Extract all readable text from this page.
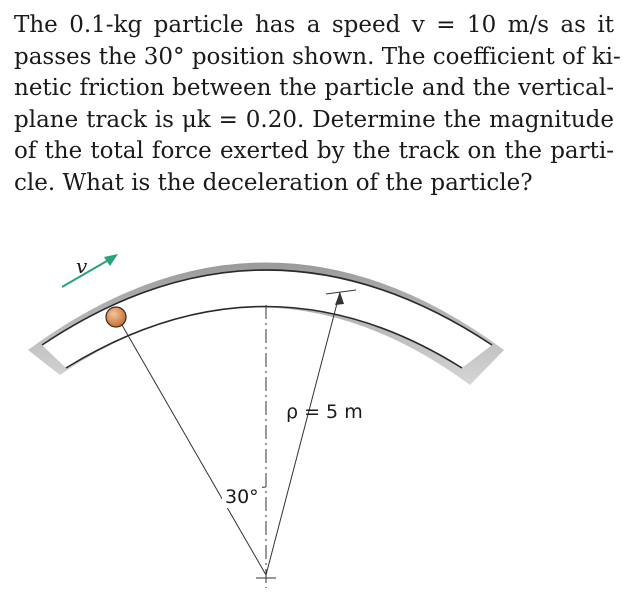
The 0.1-kg particle has a speed v = 10 m/s as it
passes the 30° position shown. The coefficient of ki-
netic friction between the particle and the vertical-
plane track is μk = 0.20. Determine the magnitude
of the total force exerted by the track on the parti-
cle. What is the deceleration of the particle?
v
ρ = 5 m
30°
